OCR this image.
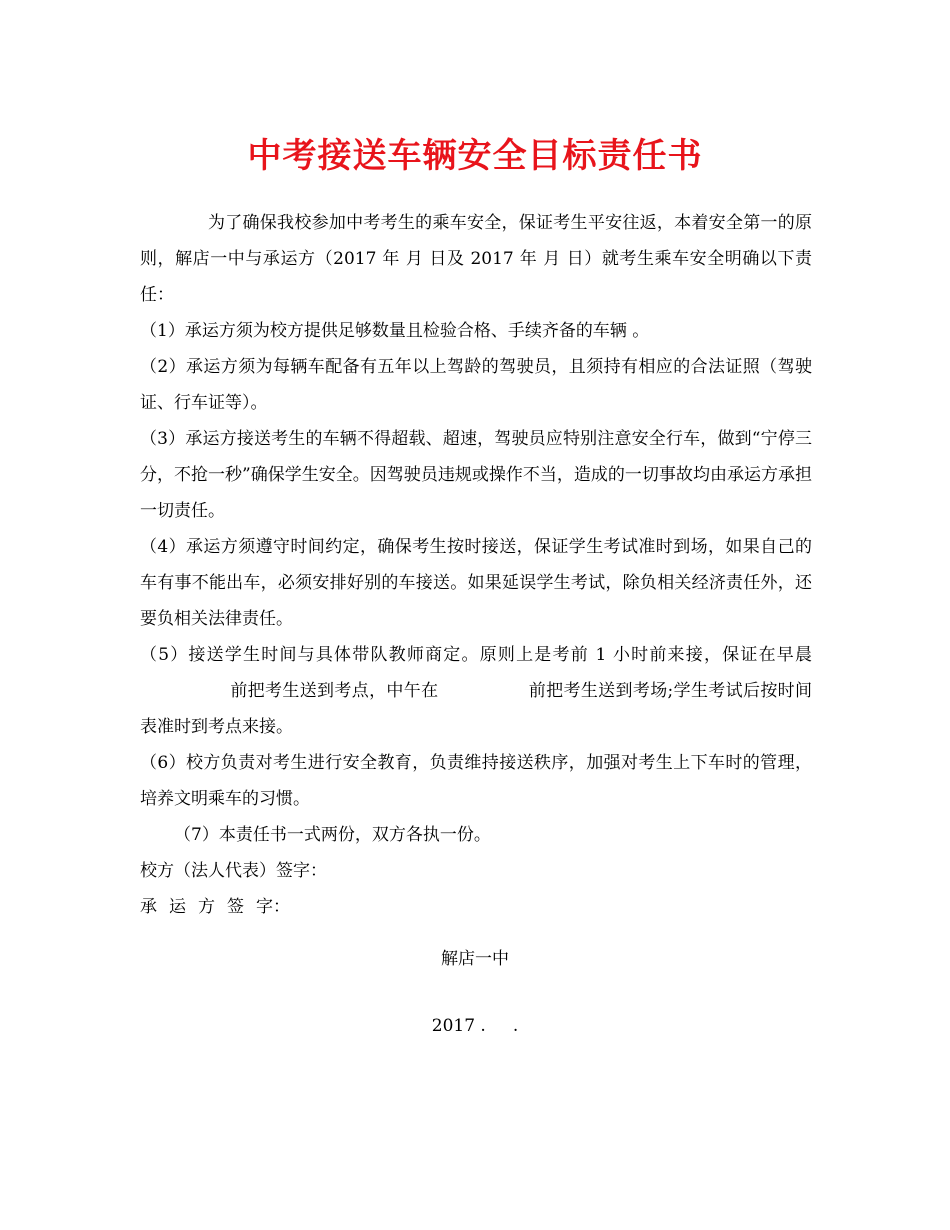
中考接送车辆安全目标责任书

为了确保我校参加中考考生的乘车安全，保证考生平安往返，本着安全第一的原则，解店一中与承运方（2017 年 月 日及 2017 年 月 日）就考生乘车安全明确以下责任：

（1）承运方须为校方提供足够数量且检验合格、手续齐备的车辆 。

（2）承运方须为每辆车配备有五年以上驾龄的驾驶员，且须持有相应的合法证照（驾驶证、行车证等）。

（3）承运方接送考生的车辆不得超载、超速，驾驶员应特别注意安全行车，做到“宁停三分，不抢一秒”确保学生安全。因驾驶员违规或操作不当，造成的一切事故均由承运方承担一切责任。

（4）承运方须遵守时间约定，确保考生按时接送，保证学生考试准时到场，如果自己的车有事不能出车，必须安排好别的车接送。如果延误学生考试，除负相关经济责任外，还要负相关法律责任。

（5）接送学生时间与具体带队教师商定。原则上是考前 1 小时前来接，保证在早晨前把考生送到考点，中午在	前把考生送到考场;学生考试后按时间表准时到考点来接。

（6）校方负责对考生进行安全教育，负责维持接送秩序，加强对考生上下车时的管理，培养文明乘车的习惯。

（7）本责任书一式两份，双方各执一份。

校方（法人代表）签字：

承 运 方 签 字：

解店一中
2017 .     .
